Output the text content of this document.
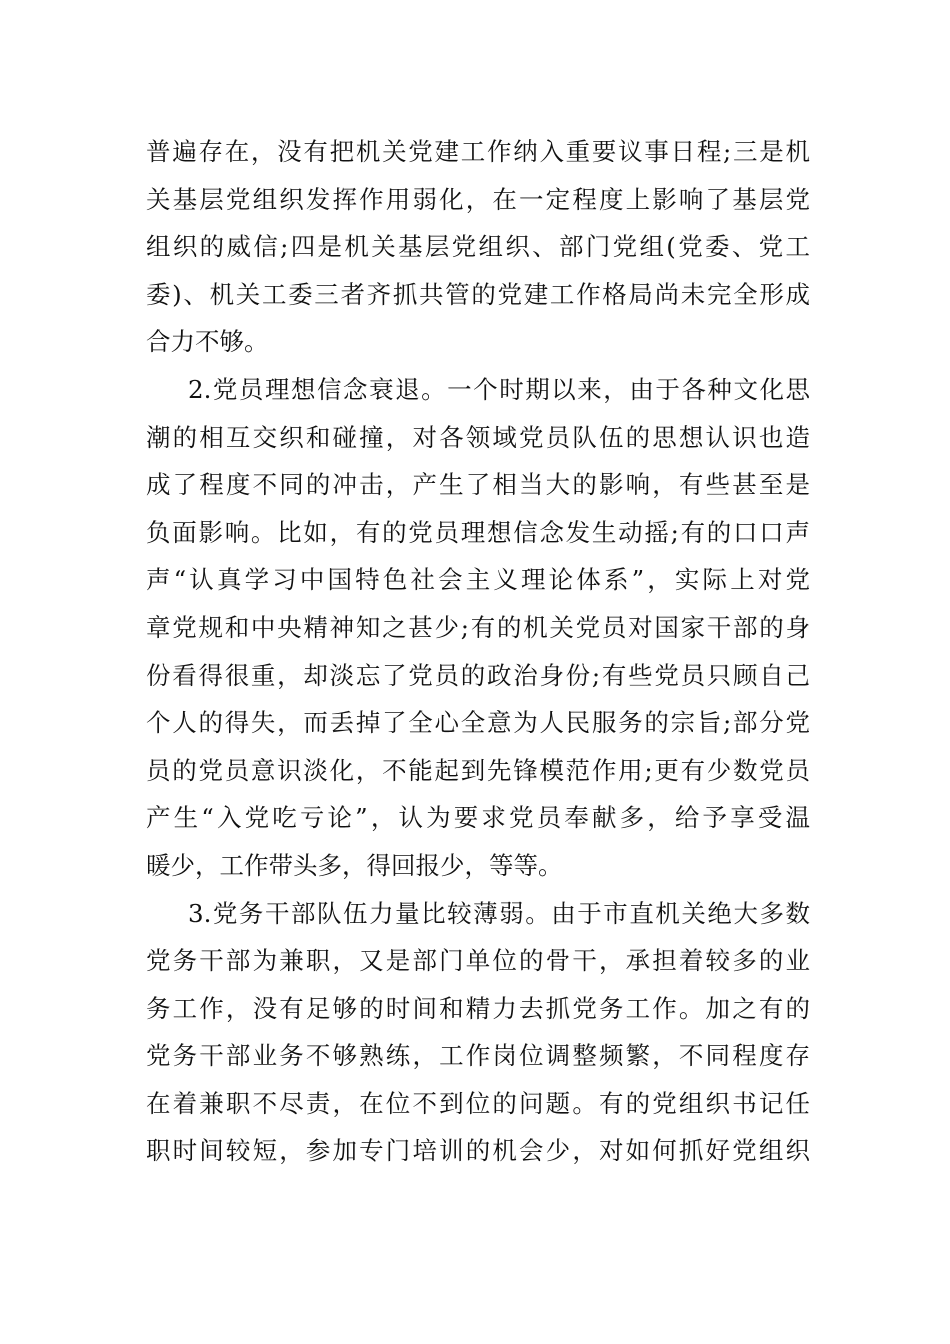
普遍存在，没有把机关党建工作纳入重要议事日程;三是机
关基层党组织发挥作用弱化，在一定程度上影响了基层党
组织的威信;四是机关基层党组织、部门党组(党委、党工
委)、机关工委三者齐抓共管的党建工作格局尚未完全形成
合力不够。
2.党员理想信念衰退。一个时期以来，由于各种文化思
潮的相互交织和碰撞，对各领域党员队伍的思想认识也造
成了程度不同的冲击，产生了相当大的影响，有些甚至是
负面影响。比如，有的党员理想信念发生动摇;有的口口声
声“认真学习中国特色社会主义理论体系”，实际上对党
章党规和中央精神知之甚少;有的机关党员对国家干部的身
份看得很重，却淡忘了党员的政治身份;有些党员只顾自己
个人的得失，而丢掉了全心全意为人民服务的宗旨;部分党
员的党员意识淡化，不能起到先锋模范作用;更有少数党员
产生“入党吃亏论”，认为要求党员奉献多，给予享受温
暖少，工作带头多，得回报少，等等。
3.党务干部队伍力量比较薄弱。由于市直机关绝大多数
党务干部为兼职，又是部门单位的骨干，承担着较多的业
务工作，没有足够的时间和精力去抓党务工作。加之有的
党务干部业务不够熟练，工作岗位调整频繁，不同程度存
在着兼职不尽责，在位不到位的问题。有的党组织书记任
职时间较短，参加专门培训的机会少，对如何抓好党组织
